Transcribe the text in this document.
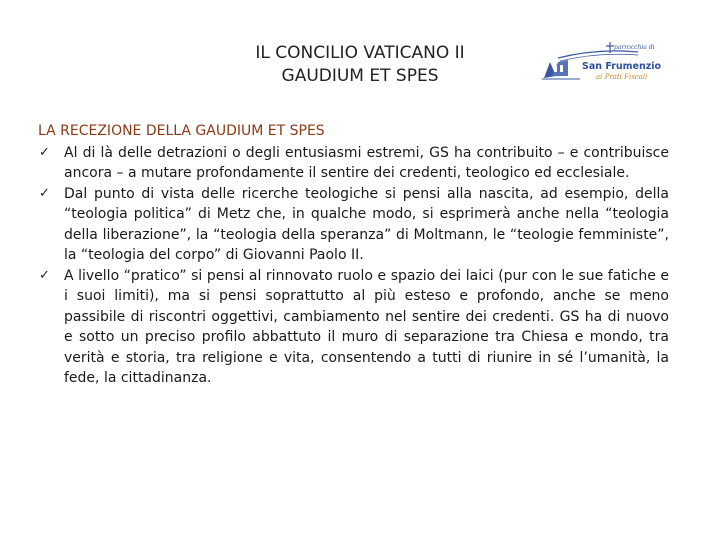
IL CONCILIO VATICANO II
GAUDIUM ET SPES
parrocchia di
San Frumenzio
ai Prati Fiscali
LA RECEZIONE DELLA GAUDIUM ET SPES
✓ Al di là delle detrazioni o degli entusiasmi estremi, GS ha contribuito – e contribuisce ancora – a mutare profondamente il sentire dei credenti, teologico ed ecclesiale.
✓ Dal punto di vista delle ricerche teologiche si pensi alla nascita, ad esempio, della “teologia politica” di Metz che, in qualche modo, si esprimerà anche nella “teologia della liberazione”, la “teologia della speranza” di Moltmann, le “teologie femministe”, la “teologia del corpo” di Giovanni Paolo II.
✓ A livello “pratico” si pensi al rinnovato ruolo e spazio dei laici (pur con le sue fatiche e i suoi limiti), ma si pensi soprattutto al più esteso e profondo, anche se meno passibile di riscontri oggettivi, cambiamento nel sentire dei credenti. GS ha di nuovo e sotto un preciso profilo abbattuto il muro di separazione tra Chiesa e mondo, tra verità e storia, tra religione e vita, consentendo a tutti di riunire in sé l’umanità, la fede, la cittadinanza.
